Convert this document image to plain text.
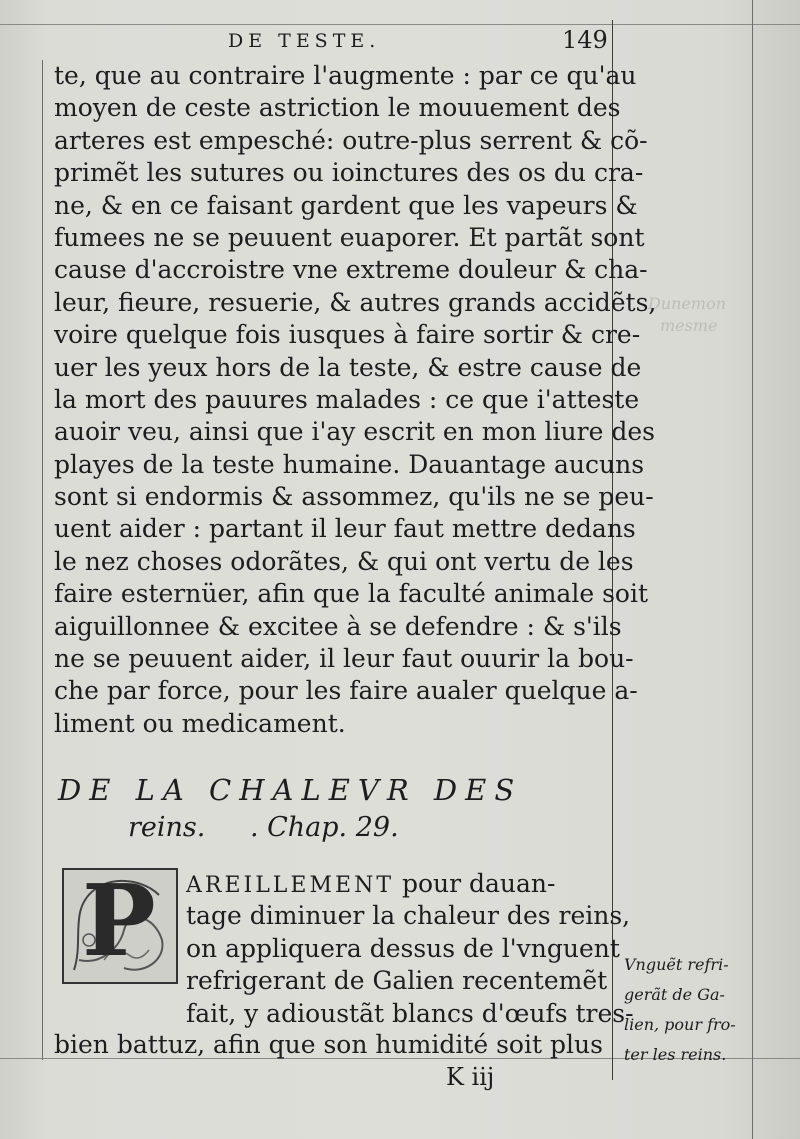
Dunemon
mesme
DE TESTE.	149
te, que au contraire l'augmente : par ce qu'au
moyen de ceste astriction le mouuement des
arteres est empesché: outre-plus serrent & cõ-
primẽt les sutures ou ioinctures des os du cra-
ne, & en ce faisant gardent que les vapeurs &
fumees ne se peuuent euaporer. Et partãt sont
cause d'accroistre vne extreme douleur & cha-
leur, fieure, resuerie, & autres grands accidẽts,
voire quelque fois iusques à faire sortir & cre-
uer les yeux hors de la teste, & estre cause de
la mort des pauures malades : ce que i'atteste
auoir veu, ainsi que i'ay escrit en mon liure des
playes de la teste humaine. Dauantage aucuns
sont si endormis & assommez, qu'ils ne se peu-
uent aider : partant il leur faut mettre dedans
le nez choses odorãtes, & qui ont vertu de les
faire esternüer, afin que la faculté animale soit
aiguillonnee & excitee à se defendre : & s'ils
ne se peuuent aider, il leur faut ouurir la bou-
che par force, pour les faire aualer quelque a-
liment ou medicament.
DE LA CHALEVR DES
reins. . Chap. 29.
P AREILLEMENT pour dauan-
tage diminuer la chaleur des reins,
on appliquera dessus de l'vnguent
refrigerant de Galien recentemẽt
fait, y adioustãt blancs d'œufs tres-
bien battuz, afin que son humidité soit plus
Vnguẽt refri-
gerãt de Ga-
lien, pour fro-
ter les reins.
K iij
